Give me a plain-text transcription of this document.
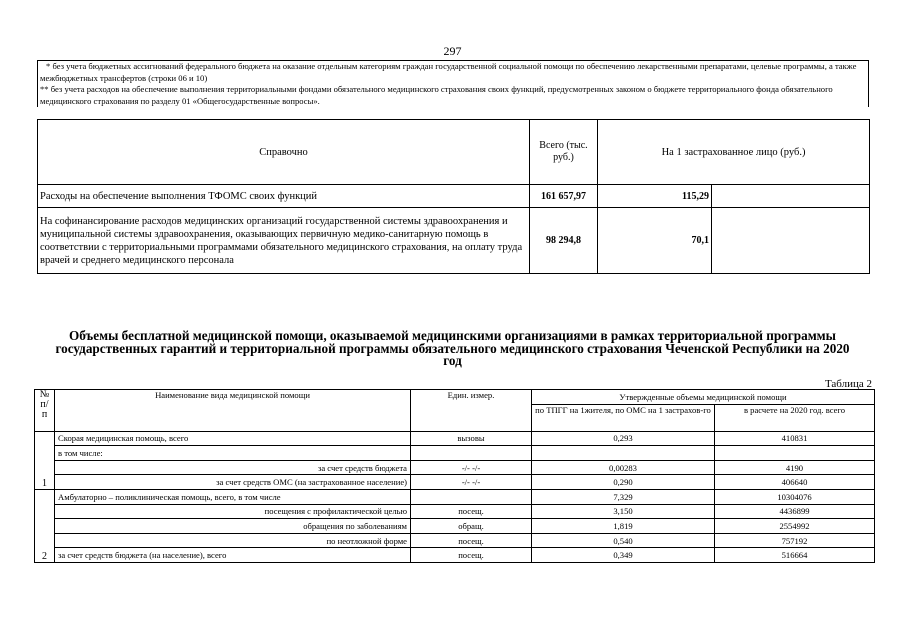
297

* без учета бюджетных ассигнований федерального бюджета на оказание отдельным категориям граждан государственной социальной помощи по обеспечению лекарственными препаратами, целевые программы, а также межбюджетных трансфертов (строки 06 и 10)

** без учета расходов на обеспечение выполнения территориальными фондами обязательного медицинского страхования своих функций, предусмотренных законом о бюджете территориального фонда обязательного медицинского страхования по разделу 01 «Общегосударственные вопросы».

Справочно	Всего (тыс. руб.)	На 1 застрахованное лицо (руб.)	
Расходы на обеспечение выполнения ТФОМС своих функций	161 657,97	115,29	
На софинансирование расходов медицинских организаций государственной системы здравоохранения и муниципальной системы здравоохранения, оказывающих первичную медико-санитарную помощь в соответствии с территориальными программами обязательного медицинского страхования, на оплату труда врачей и среднего медицинского персонала	98 294,8	70,1	
Объемы бесплатной медицинской помощи, оказываемой медицинскими организациями в рамках территориальной программы государственных гарантий и территориальной программы обязательного медицинского страхования Чеченской Республики на 2020 год
Таблица 2
№ п/п	Наименование вида медицинской помощи	Един. измер.	Утвержденные объемы медицинской помощи	
			по ТПГГ на 1жителя, по ОМС на 1 застрахов-го	в расчете на 2020 год. всего
1	Скорая медицинская помощь, всего	вызовы	0,293	410831
	в том числе:			
	за счет средств бюджета	-/- -/-	0,00283	4190
	за счет средств ОМС (на застрахованное население)	-/- -/-	0,290	406640
2	Амбулаторно – поликлиническая помощь, всего, в том числе		7,329	10304076
	посещения с профилактической целью	посещ.	3,150	4436899
	обращения по заболеваниям	обращ.	1,819	2554992
	по неотложной форме	посещ.	0,540	757192
	за счет средств бюджета (на население), всего	посещ.	0,349	516664
